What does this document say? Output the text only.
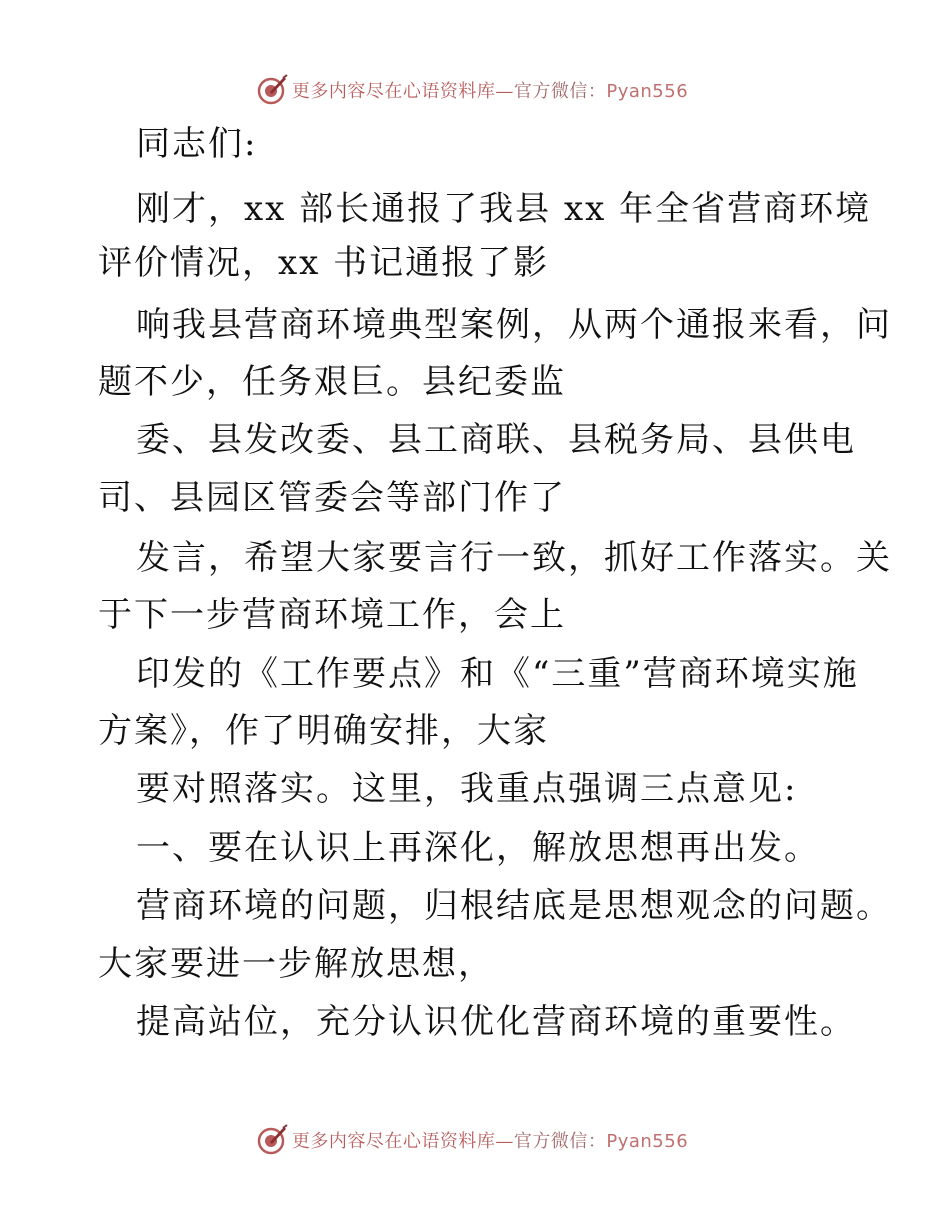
更多内容尽在心语资料库—官方微信：Pyan556
同志们:
刚才，xx 部长通报了我县 xx 年全省营商环境
评价情况，xx 书记通报了影
响我县营商环境典型案例，从两个通报来看，问
题不少，任务艰巨。县纪委监
委、县发改委、县工商联、县税务局、县供电
司、县园区管委会等部门作了
发言，希望大家要言行一致，抓好工作落实。关
于下一步营商环境工作，会上
印发的《工作要点》和《“三重”营商环境实施
方案》，作了明确安排，大家
要对照落实。这里，我重点强调三点意见:
一、要在认识上再深化，解放思想再出发。
营商环境的问题，归根结底是思想观念的问题。
大家要进一步解放思想，
提高站位，充分认识优化营商环境的重要性。
更多内容尽在心语资料库—官方微信：Pyan556
